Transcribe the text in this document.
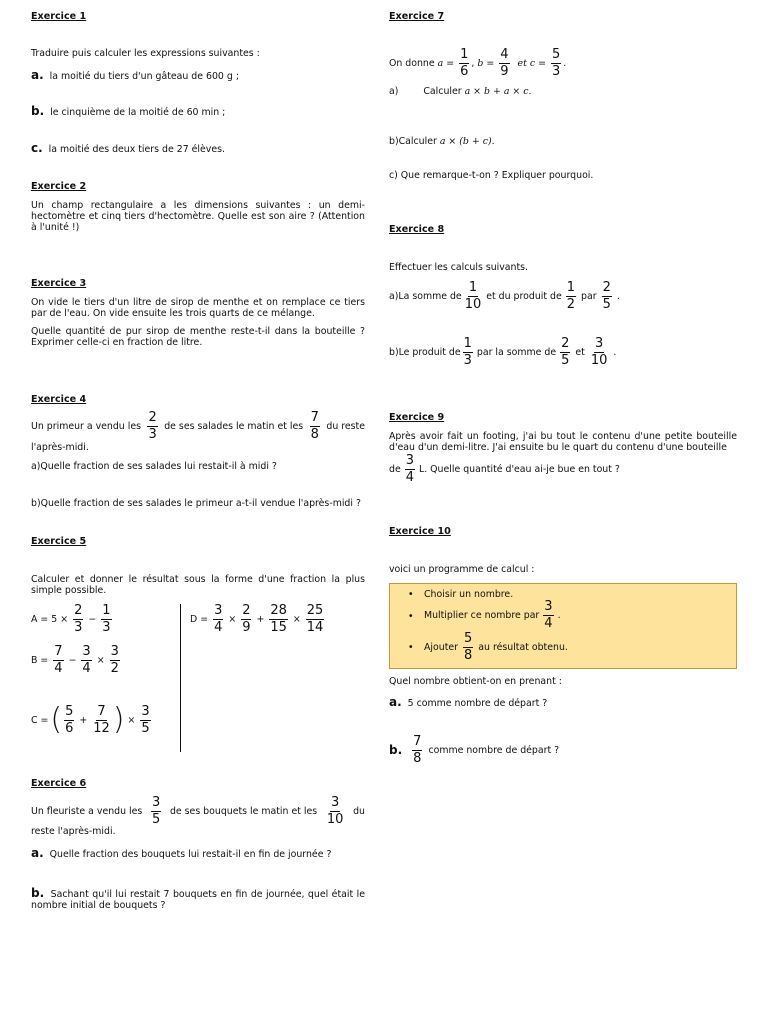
Exercice 1
Traduire puis calculer les expressions suivantes :
a. la moitié du tiers d'un gâteau de 600 g ;
b. le cinquième de la moitié de 60 min ;
c. la moitié des deux tiers de 27 élèves.
Exercice 2
Un champ rectangulaire a les dimensions suivantes : un demi-hectomètre et cinq tiers d'hectomètre. Quelle est son aire ? (Attention à l'unité !)
Exercice 3
On vide le tiers d'un litre de sirop de menthe et on remplace ce tiers par de l'eau. On vide ensuite les trois quarts de ce mélange.
Quelle quantité de pur sirop de menthe reste-t-il dans la bouteille ? Exprimer celle-ci en fraction de litre.
Exercice 4
Un primeur a vendu les $\frac{2}{3}$ de ses salades le matin et les $\frac{7}{8}$ du reste
l'après-midi.
a)Quelle fraction de ses salades lui restait-il à midi ?
b)Quelle fraction de ses salades le primeur a-t-il vendue l'après-midi ?
Exercice 5
Calculer et donner le résultat sous la forme d'une fraction la plus simple possible.
$A = 5 \times \frac{2}{3} - \frac{1}{3}$
$B = \frac{7}{4} - \frac{3}{4} \times \frac{3}{2}$
C = ( $\frac{5}{6} + \frac{7}{12}$ ) × $\frac{3}{5}$
$D = \frac{3}{4} \times \frac{2}{9} + \frac{28}{15} \times \frac{25}{14}$
Exercice 6
Un fleuriste a vendu les $\frac{3}{5}$ de ses bouquets le matin et les $\frac{3}{10}$ du
reste l'après-midi.
a. Quelle fraction des bouquets lui restait-il en fin de journée ?
b. Sachant qu'il lui restait 7 bouquets en fin de journée, quel était le nombre initial de bouquets ?
Exercice 7
On donne $a = \frac{1}{6}$ , $b = \frac{4}{9}$ et $c = \frac{5}{3}$ .
a)	Calculer a × b + a × c.
b)Calculer a × (b + c).
c) Que remarque-t-on ? Expliquer pourquoi.
Exercice 8
Effectuer les calculs suivants.
a)La somme de $\frac{1}{10}$ et du produit de $\frac{1}{2}$ par $\frac{2}{5}$ .
b)Le produit de $\frac{1}{3}$ par la somme de $\frac{2}{5}$ et $\frac{3}{10}$ .
Exercice 9
Après avoir fait un footing, j'ai bu tout le contenu d'une petite bouteille d'eau d'un demi-litre. J'ai ensuite bu le quart du contenu d'une bouteille
de $\frac{3}{4} L$. Quelle quantité d'eau ai-je bue en tout ?
Exercice 10
voici un programme de calcul :
• Choisir un nombre.
• Multiplier ce nombre par $\frac{3}{4}$ .
• Ajouter $\frac{5}{8}$ au résultat obtenu.
Quel nombre obtient-on en prenant :
a. 5 comme nombre de départ ?
b. $\frac{7}{8}$ comme nombre de départ ?
